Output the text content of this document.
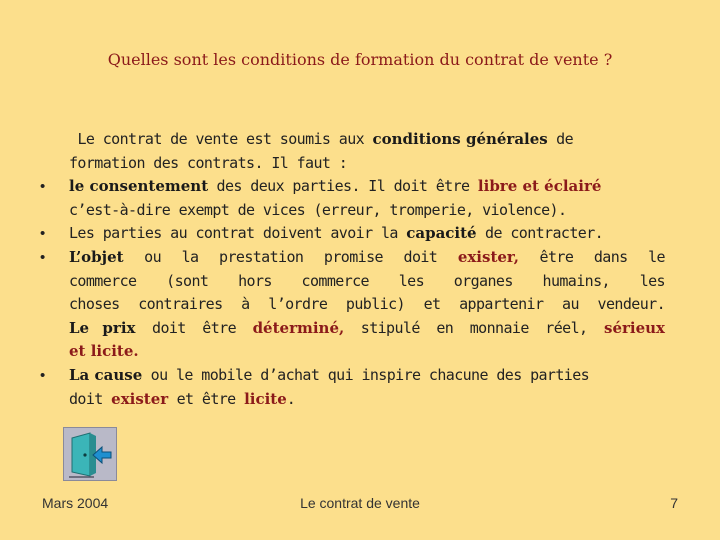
Quelles sont les conditions de formation du contrat de vente ?
Le contrat de vente est soumis aux conditions générales de
formation des contrats. Il faut :
• le consentement des deux parties. Il doit être libre et éclairé
c’est-à-dire exempt de vices (erreur, tromperie, violence).
• Les parties au contrat doivent avoir la capacité de contracter.
• L’objet ou la prestation promise doit exister, être dans le
commerce (sont hors commerce les organes humains, les
choses contraires à l’ordre public) et appartenir au vendeur.
Le prix doit être déterminé, stipulé en monnaie réel, sérieux
et licite.
• La cause ou le mobile d’achat qui inspire chacune des parties
doit exister et être licite.
Mars 2004	Le contrat de vente	7
